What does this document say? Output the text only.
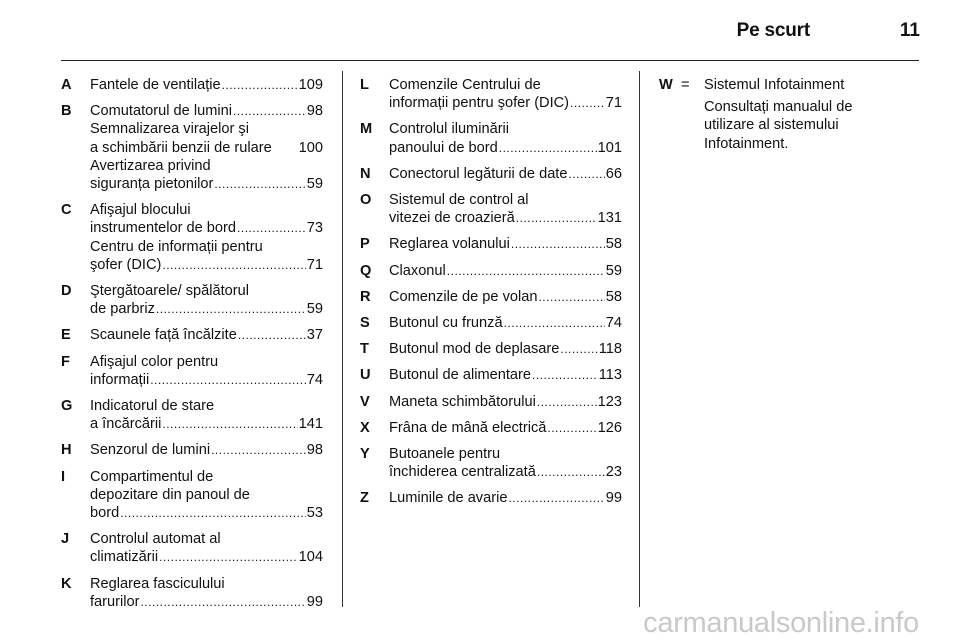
Pe scurt	11
A Fantele de ventilație .....	109
B Comutatorul de lumini .....	98
Semnalizarea virajelor şi
a schimbării benzii de rulare 100
Avertizarea privind
siguranța pietonilor .....	59
C Afişajul blocului
instrumentelor de bord .....	73
Centru de informații pentru
şofer (DIC) .....	71
D Ştergătoarele/ spălătorul
de parbriz .....	59
E Scaunele față încălzite .....	37
F Afişajul color pentru
informații .....	74
G Indicatorul de stare
a încărcării .....	141
H Senzorul de lumini .....	98
I Compartimentul de
depozitare din panoul de
bord .....	53
J Controlul automat al
climatizării .....	104
K Reglarea fasciculului
farurilor .....	99
L Comenzile Centrului de
informații pentru şofer (DIC) .....	71
M Controlul iluminării
panoului de bord .....	101
N Conectorul legăturii de date .....	66
O Sistemul de control al
vitezei de croazieră .....	131
P Reglarea volanului .....	58
Q Claxonul .....	59
R Comenzile de pe volan .....	58
S Butonul cu frunză .....	74
T Butonul mod de deplasare .....	118
U Butonul de alimentare .....	113
V Maneta schimbătorului .....	123
X Frâna de mână electrică .....	126
Y Butoanele pentru
închiderea centralizată .....	23
Z Luminile de avarie .....	99
W = Sistemul Infotainment
Consultați manualul de
utilizare al sistemului
Infotainment.
carmanualsonline.info
